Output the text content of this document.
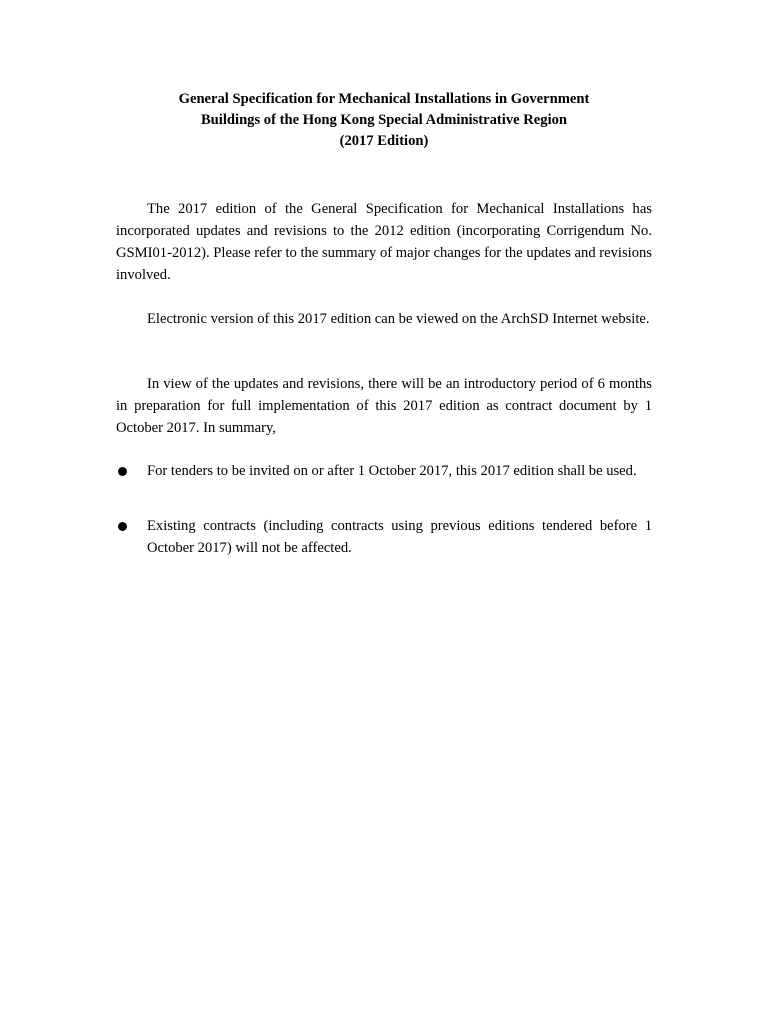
General Specification for Mechanical Installations in Government
Buildings of the Hong Kong Special Administrative Region
(2017 Edition)

The 2017 edition of the General Specification for Mechanical Installations has incorporated updates and revisions to the 2012 edition (incorporating Corrigendum No. GSMI01-2012). Please refer to the summary of major changes for the updates and revisions involved.

Electronic version of this 2017 edition can be viewed on the ArchSD Internet website.

In view of the updates and revisions, there will be an introductory period of 6 months in preparation for full implementation of this 2017 edition as contract document by 1 October 2017. In summary,

For tenders to be invited on or after 1 October 2017, this 2017 edition shall be used.
Existing contracts (including contracts using previous editions tendered before 1 October 2017) will not be affected.
